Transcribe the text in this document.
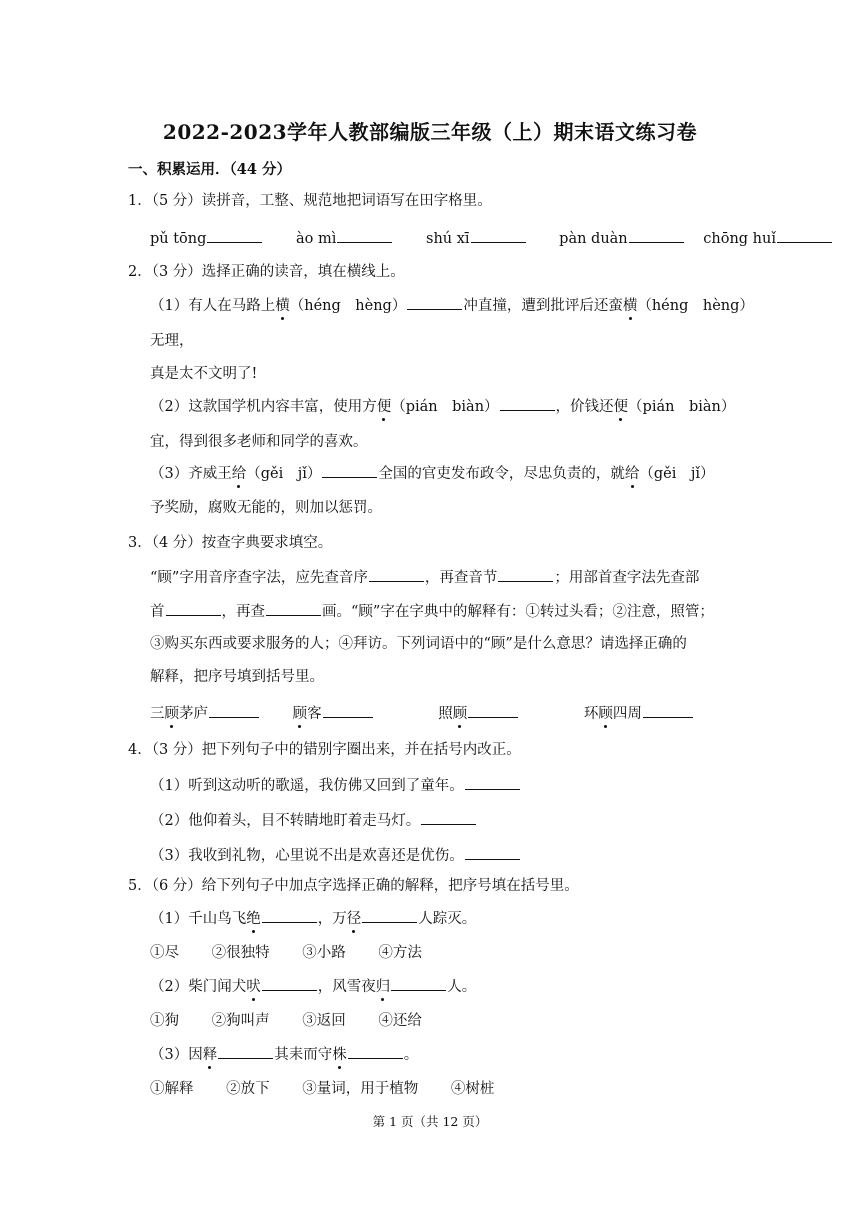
2022-2023学年人教部编版三年级（上）期末语文练习卷
一、积累运用．（44 分）
1．（5 分）读拼音，工整、规范地把词语写在田字格里。
pǔ tōng	ào mì	shú xī	pàn duàn	chōng huǐ
2．（3 分）选择正确的读音，填在横线上。
（1）有人在马路上横（héng　hèng）	冲直撞，遭到批评后还蛮横（héng　hèng）
无理，
真是太不文明了!
（2）这款国学机内容丰富，使用方便（pián　biàn）	，价钱还便（pián　biàn）
宜，得到很多老师和同学的喜欢。
（3）齐威王给（gěi　jǐ）	全国的官吏发布政令，尽忠负责的，就给（gěi　jǐ）
予奖励，腐败无能的，则加以惩罚。
3．（4 分）按查字典要求填空。
“顾”字用音序查字法，应先查音序	，再查音节	；用部首查字法先查部
首	，再查	画。“顾”字在字典中的解释有：①转过头看；②注意，照管；
③购买东西或要求服务的人；④拜访。下列词语中的“顾”是什么意思？请选择正确的
解释，把序号填到括号里。
三顾茅庐	顾客	照顾	环顾四周
4．（3 分）把下列句子中的错别字圈出来，并在括号内改正。
（1）听到这动听的歌遥，我仿佛又回到了童年。
（2）他仰着头，目不转睛地盯着走马灯。
（3）我收到礼物，心里说不出是欢喜还是优伤。
5．（6 分）给下列句子中加点字选择正确的解释，把序号填在括号里。
（1）千山鸟飞绝	，万径	人踪灭。
①尽 ②很独特 ③小路 ④方法
（2）柴门闻犬吠	，风雪夜归	人。
①狗 ②狗叫声 ③返回 ④还给
（3）因释	其耒而守株	。
①解释 ②放下 ③量词，用于植物 ④树桩
第 1 页（共 12 页）
